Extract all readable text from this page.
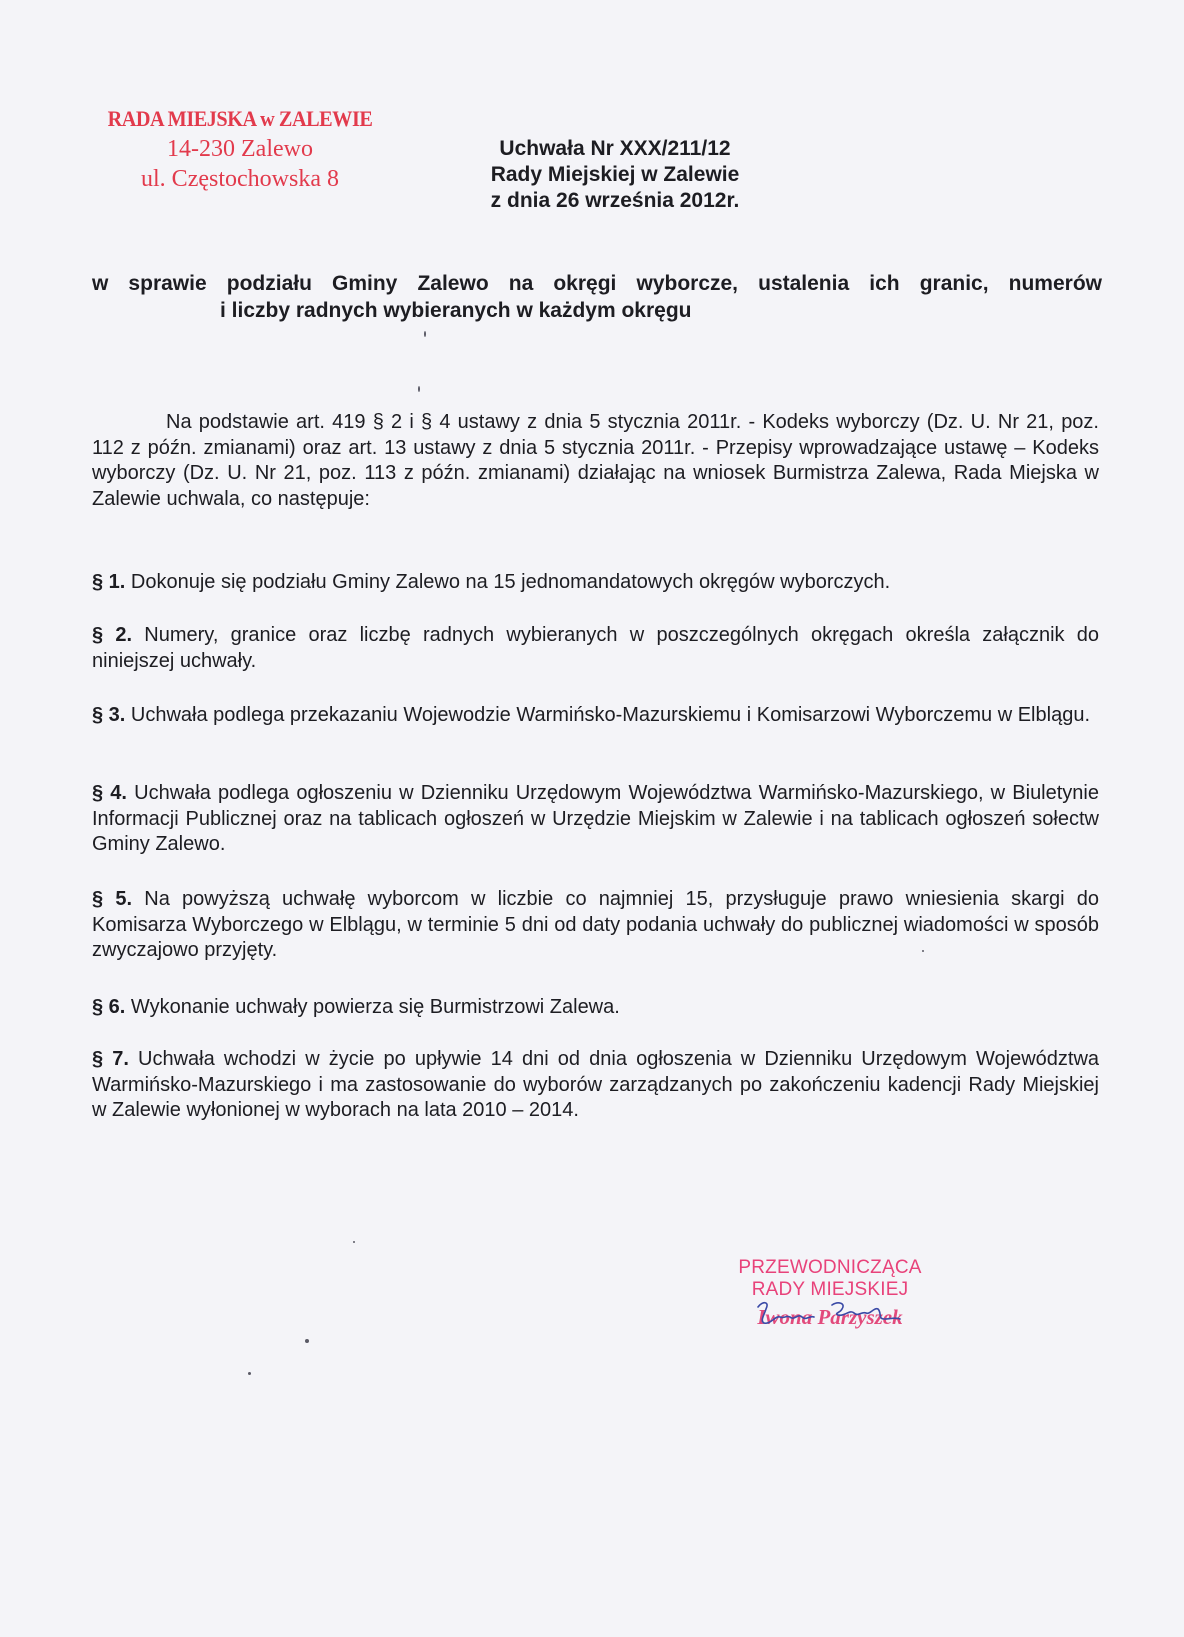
RADA MIEJSKA w ZALEWIE
14-230 Zalewo
ul. Częstochowska 8
Uchwała Nr XXX/211/12
Rady Miejskiej w Zalewie
z dnia 26 września 2012r.
w sprawie podziału Gminy Zalewo na okręgi wyborcze, ustalenia ich granic, numerów
i liczby radnych wybieranych w każdym okręgu
Na podstawie art. 419 § 2 i § 4 ustawy z dnia 5 stycznia 2011r. - Kodeks wyborczy (Dz. U. Nr 21, poz. 112 z późn. zmianami) oraz art. 13 ustawy z dnia 5 stycznia 2011r. - Przepisy wprowadzające ustawę – Kodeks wyborczy (Dz. U. Nr 21, poz. 113 z późn. zmianami) działając na wniosek Burmistrza Zalewa, Rada Miejska w Zalewie uchwala, co następuje:
§ 1. Dokonuje się podziału Gminy Zalewo na 15 jednomandatowych okręgów wyborczych.
§ 2. Numery, granice oraz liczbę radnych wybieranych w poszczególnych okręgach określa załącznik do niniejszej uchwały.
§ 3. Uchwała podlega przekazaniu Wojewodzie Warmińsko-Mazurskiemu i Komisarzowi Wyborczemu w Elblągu.
§ 4. Uchwała podlega ogłoszeniu w Dzienniku Urzędowym Województwa Warmińsko-Mazurskiego, w Biuletynie Informacji Publicznej oraz na tablicach ogłoszeń w Urzędzie Miejskim w Zalewie i na tablicach ogłoszeń sołectw Gminy Zalewo.
§ 5. Na powyższą uchwałę wyborcom w liczbie co najmniej 15, przysługuje prawo wniesienia skargi do Komisarza Wyborczego w Elblągu, w terminie 5 dni od daty podania uchwały do publicznej wiadomości w sposób zwyczajowo przyjęty.
§ 6. Wykonanie uchwały powierza się Burmistrzowi Zalewa.
§ 7. Uchwała wchodzi w życie po upływie 14 dni od dnia ogłoszenia w Dzienniku Urzędowym Województwa Warmińsko-Mazurskiego i ma zastosowanie do wyborów zarządzanych po zakończeniu kadencji Rady Miejskiej w Zalewie wyłonionej w wyborach na lata 2010 – 2014.
PRZEWODNICZĄCA
RADY MIEJSKIEJ
Iwona Parzyszek
